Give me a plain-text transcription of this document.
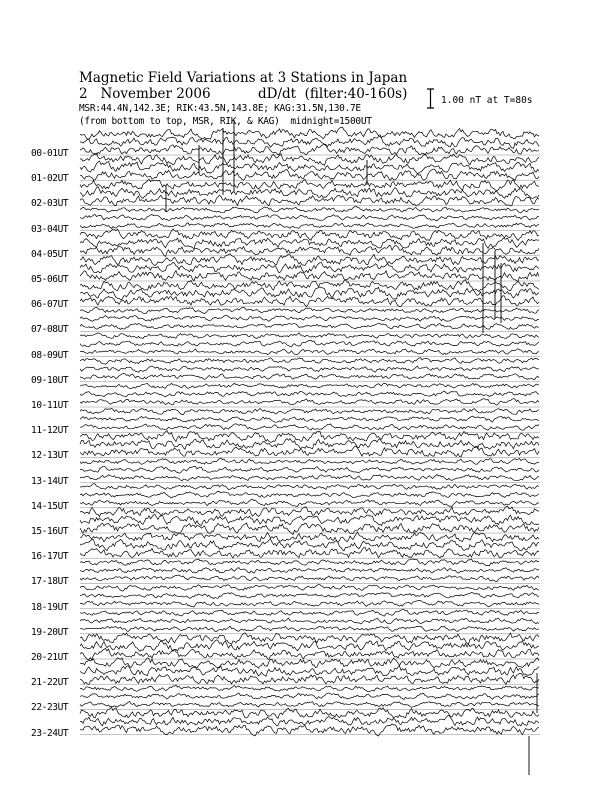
Magnetic Field Variations at 3 Stations in Japan
2   November 2006	dD/dt  (filter:40-160s)
MSR:44.4N,142.3E; RIK:43.5N,143.8E; KAG:31.5N,130.7E
(from bottom to top, MSR, RIK, & KAG)  midnight=1500UT
1.00 nT at T=80s
00-01UT
01-02UT
02-03UT
03-04UT
04-05UT
05-06UT
06-07UT
07-08UT
08-09UT
09-10UT
10-11UT
11-12UT
12-13UT
13-14UT
14-15UT
15-16UT
16-17UT
17-18UT
18-19UT
19-20UT
20-21UT
21-22UT
22-23UT
23-24UT
